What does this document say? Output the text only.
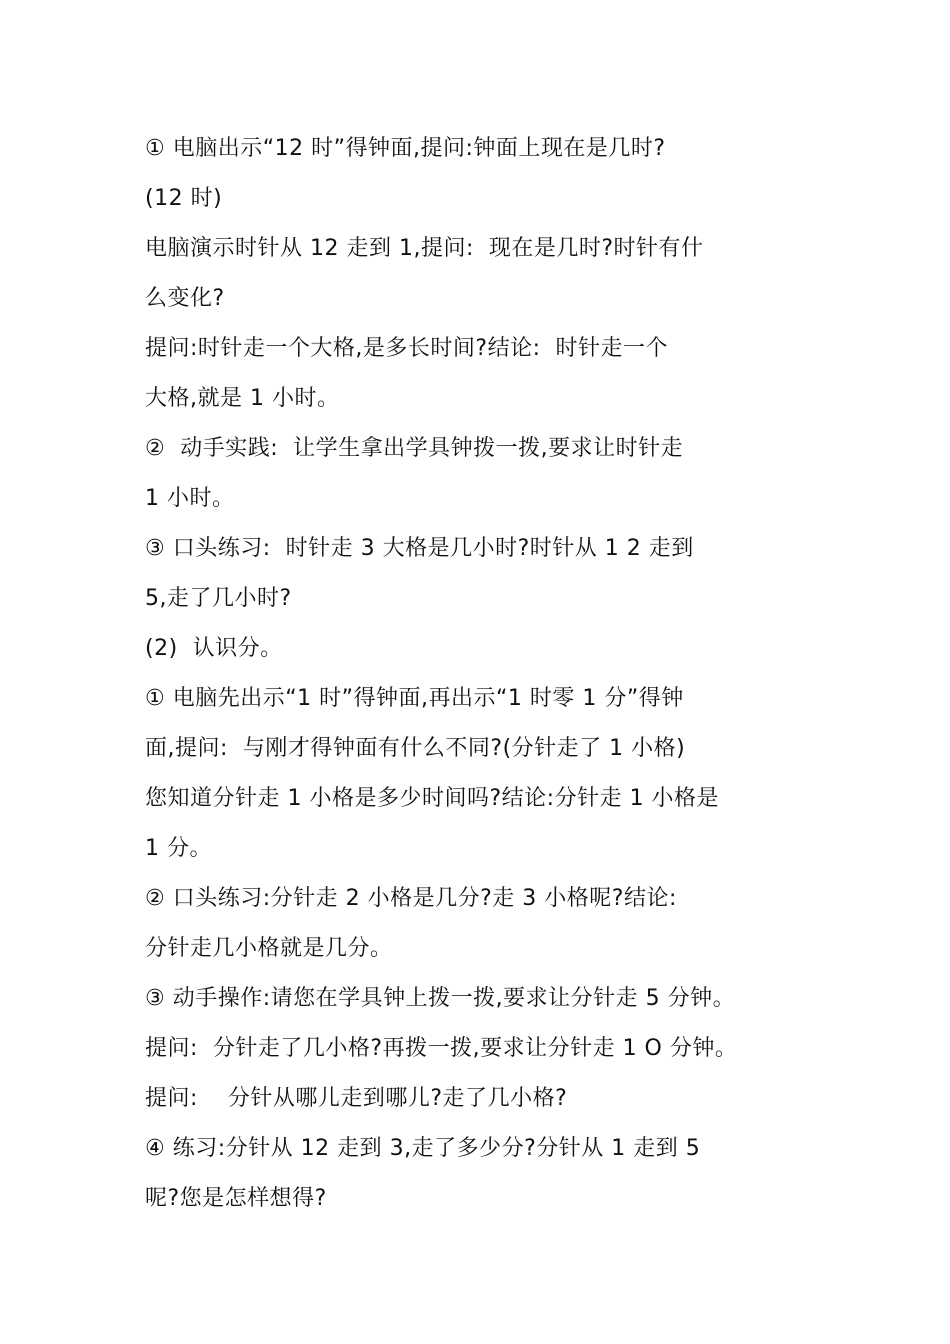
① 电脑出示“12 时”得钟面,提问:钟面上现在是几时?
(12 时)
电脑演示时针从 12 走到 1,提问:  现在是几时?时针有什
么变化?
提问:时针走一个大格,是多长时间?结论:  时针走一个
大格,就是 1 小时。
②  动手实践:  让学生拿出学具钟拨一拨,要求让时针走
1 小时。
③ 口头练习:  时针走 3 大格是几小时?时针从 1 2 走到
5,走了几小时?
(2)  认识分。
① 电脑先出示“1 时”得钟面,再出示“1 时零 1 分”得钟
面,提问:  与刚才得钟面有什么不同?(分针走了 1 小格)
您知道分针走 1 小格是多少时间吗?结论:分针走 1 小格是
1 分。
② 口头练习:分针走 2 小格是几分?走 3 小格呢?结论:
分针走几小格就是几分。
③ 动手操作:请您在学具钟上拨一拨,要求让分针走 5 分钟。
提问:  分针走了几小格?再拨一拨,要求让分针走 1 O 分钟。
提问:    分针从哪儿走到哪儿?走了几小格?
④ 练习:分针从 12 走到 3,走了多少分?分针从 1 走到 5
呢?您是怎样想得?
